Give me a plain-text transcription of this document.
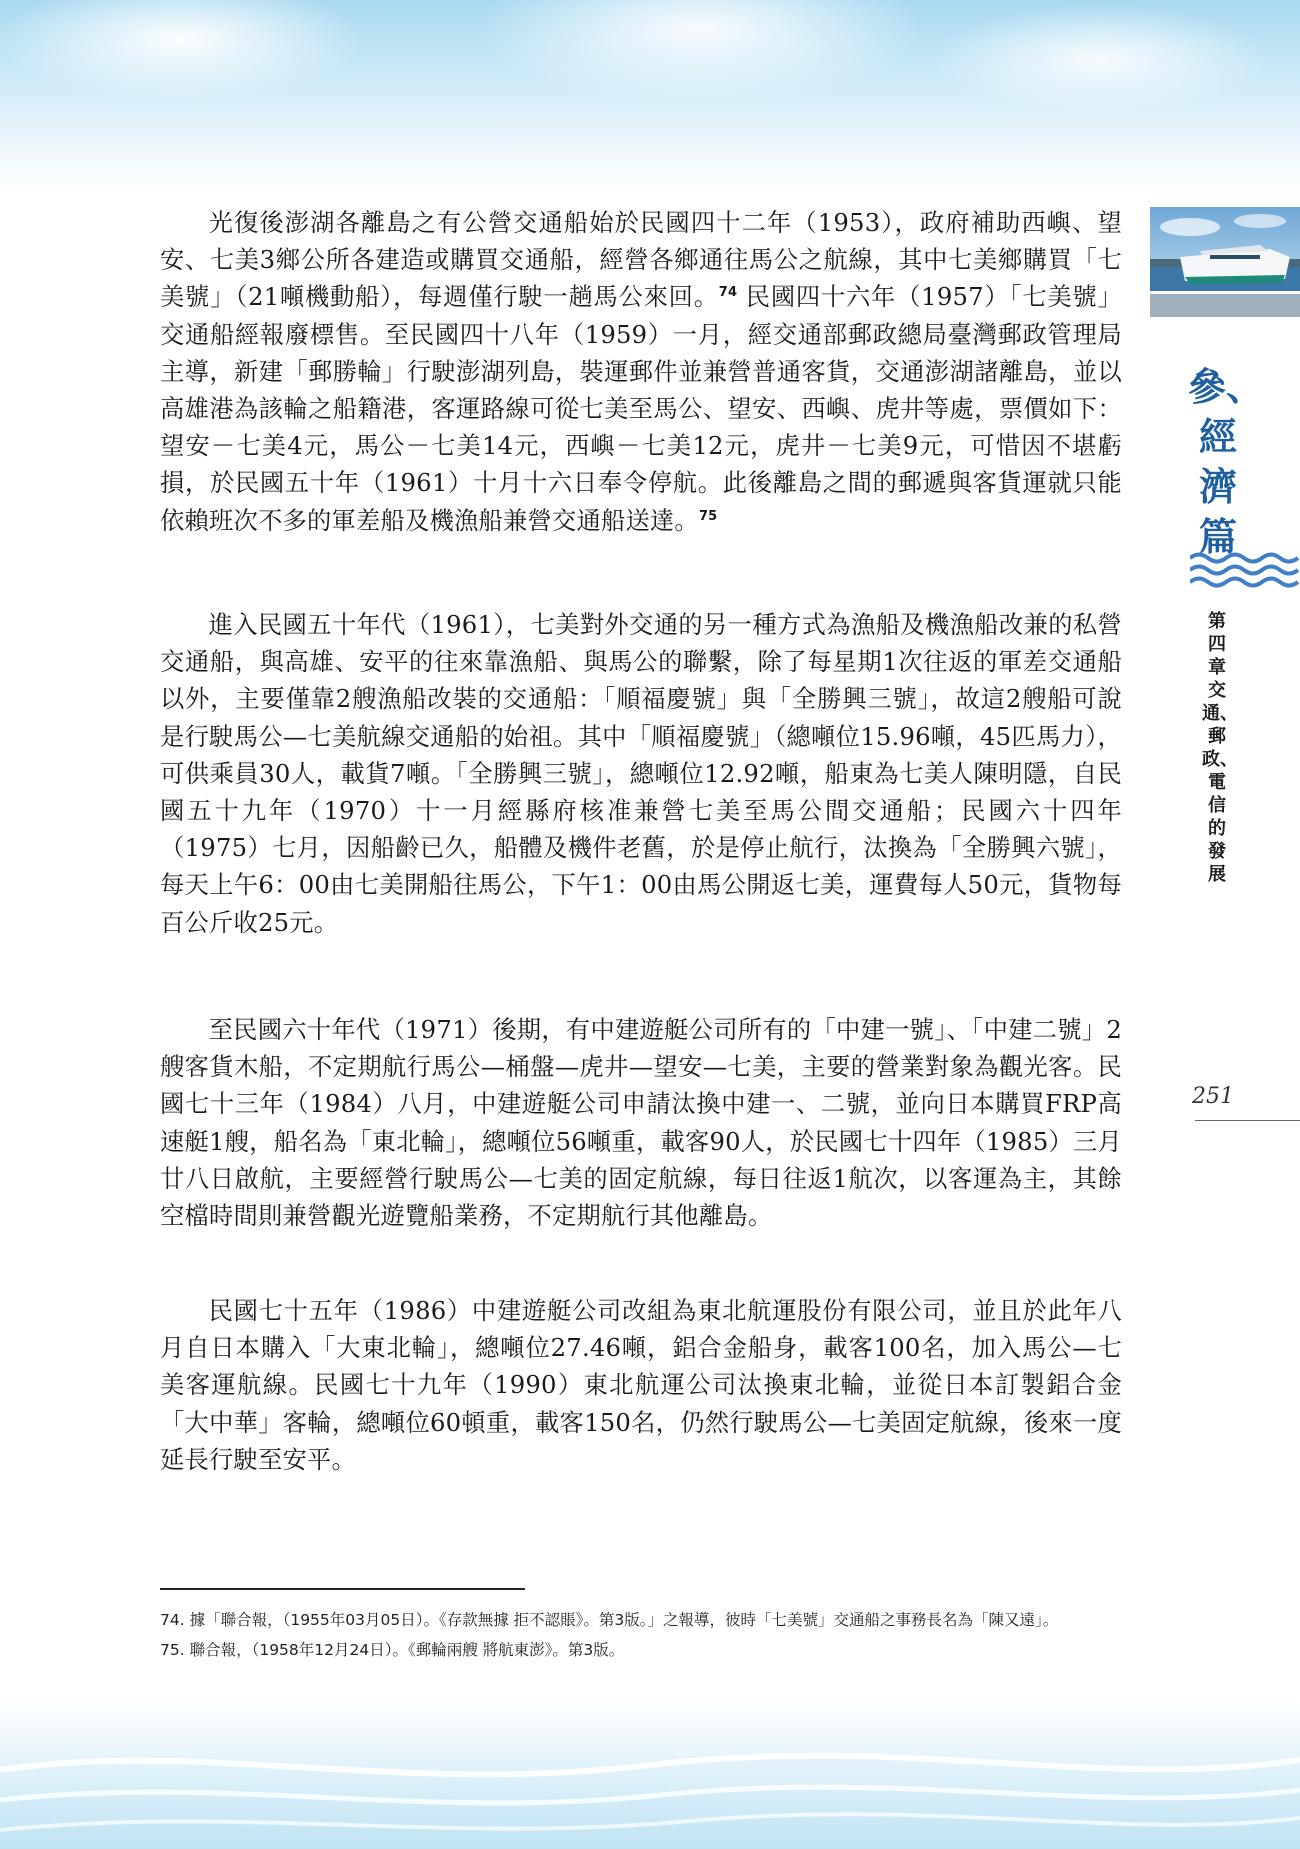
參、經濟篇
第四章 交通、郵政、電信的發展
251

光復後澎湖各離島之有公營交通船始於民國四十二年（1953），政府補助西嶼、望安、七美3鄉公所各建造或購買交通船，經營各鄉通往馬公之航線，其中七美鄉購買「七美號」（21噸機動船），每週僅行駛一趟馬公來回。$^{74}$ 民國四十六年（1957）「七美號」交通船經報廢標售。至民國四十八年（1959）一月，經交通部郵政總局臺灣郵政管理局主導，新建「郵勝輪」行駛澎湖列島，裝運郵件並兼營普通客貨，交通澎湖諸離島，並以高雄港為該輪之船籍港，客運路線可從七美至馬公、望安、西嶼、虎井等處，票價如下：望安－七美4元，馬公－七美14元，西嶼－七美12元，虎井－七美9元，可惜因不堪虧損，於民國五十年（1961）十月十六日奉令停航。此後離島之間的郵遞與客貨運就只能依賴班次不多的軍差船及機漁船兼營交通船送達。$^{75}$

進入民國五十年代（1961），七美對外交通的另一種方式為漁船及機漁船改兼的私營交通船，與高雄、安平的往來靠漁船、與馬公的聯繫，除了每星期1次往返的軍差交通船以外，主要僅靠2艘漁船改裝的交通船：「順福慶號」與「全勝興三號」，故這2艘船可說是行駛馬公—七美航線交通船的始祖。其中「順福慶號」（總噸位15.96噸，45匹馬力），可供乘員30人，載貨7噸。「全勝興三號」，總噸位12.92噸，船東為七美人陳明隱，自民國五十九年（1970）十一月經縣府核准兼營七美至馬公間交通船；民國六十四年（1975）七月，因船齡已久，船體及機件老舊，於是停止航行，汰換為「全勝興六號」，每天上午6：00由七美開船往馬公，下午1：00由馬公開返七美，運費每人50元，貨物每百公斤收25元。

至民國六十年代（1971）後期，有中建遊艇公司所有的「中建一號」、「中建二號」2艘客貨木船，不定期航行馬公—桶盤—虎井—望安—七美，主要的營業對象為觀光客。民國七十三年（1984）八月，中建遊艇公司申請汰換中建一、二號，並向日本購買FRP高速艇1艘，船名為「東北輪」，總噸位56噸重，載客90人，於民國七十四年（1985）三月廿八日啟航，主要經營行駛馬公—七美的固定航線，每日往返1航次，以客運為主，其餘空檔時間則兼營觀光遊覽船業務，不定期航行其他離島。

民國七十五年（1986）中建遊艇公司改組為東北航運股份有限公司，並且於此年八月自日本購入「大東北輪」，總噸位27.46噸，鋁合金船身，載客100名，加入馬公—七美客運航線。民國七十九年（1990）東北航運公司汰換東北輪，並從日本訂製鋁合金「大中華」客輪，總噸位60頓重，載客150名，仍然行駛馬公—七美固定航線，後來一度延長行駛至安平。

74. 據「聯合報，（1955年03月05日）。《存款無據 拒不認賬》。第3版。」之報導，彼時「七美號」交通船之事務長名為「陳又遠」。

75. 聯合報，（1958年12月24日）。《郵輪兩艘 將航東澎》。第3版。
